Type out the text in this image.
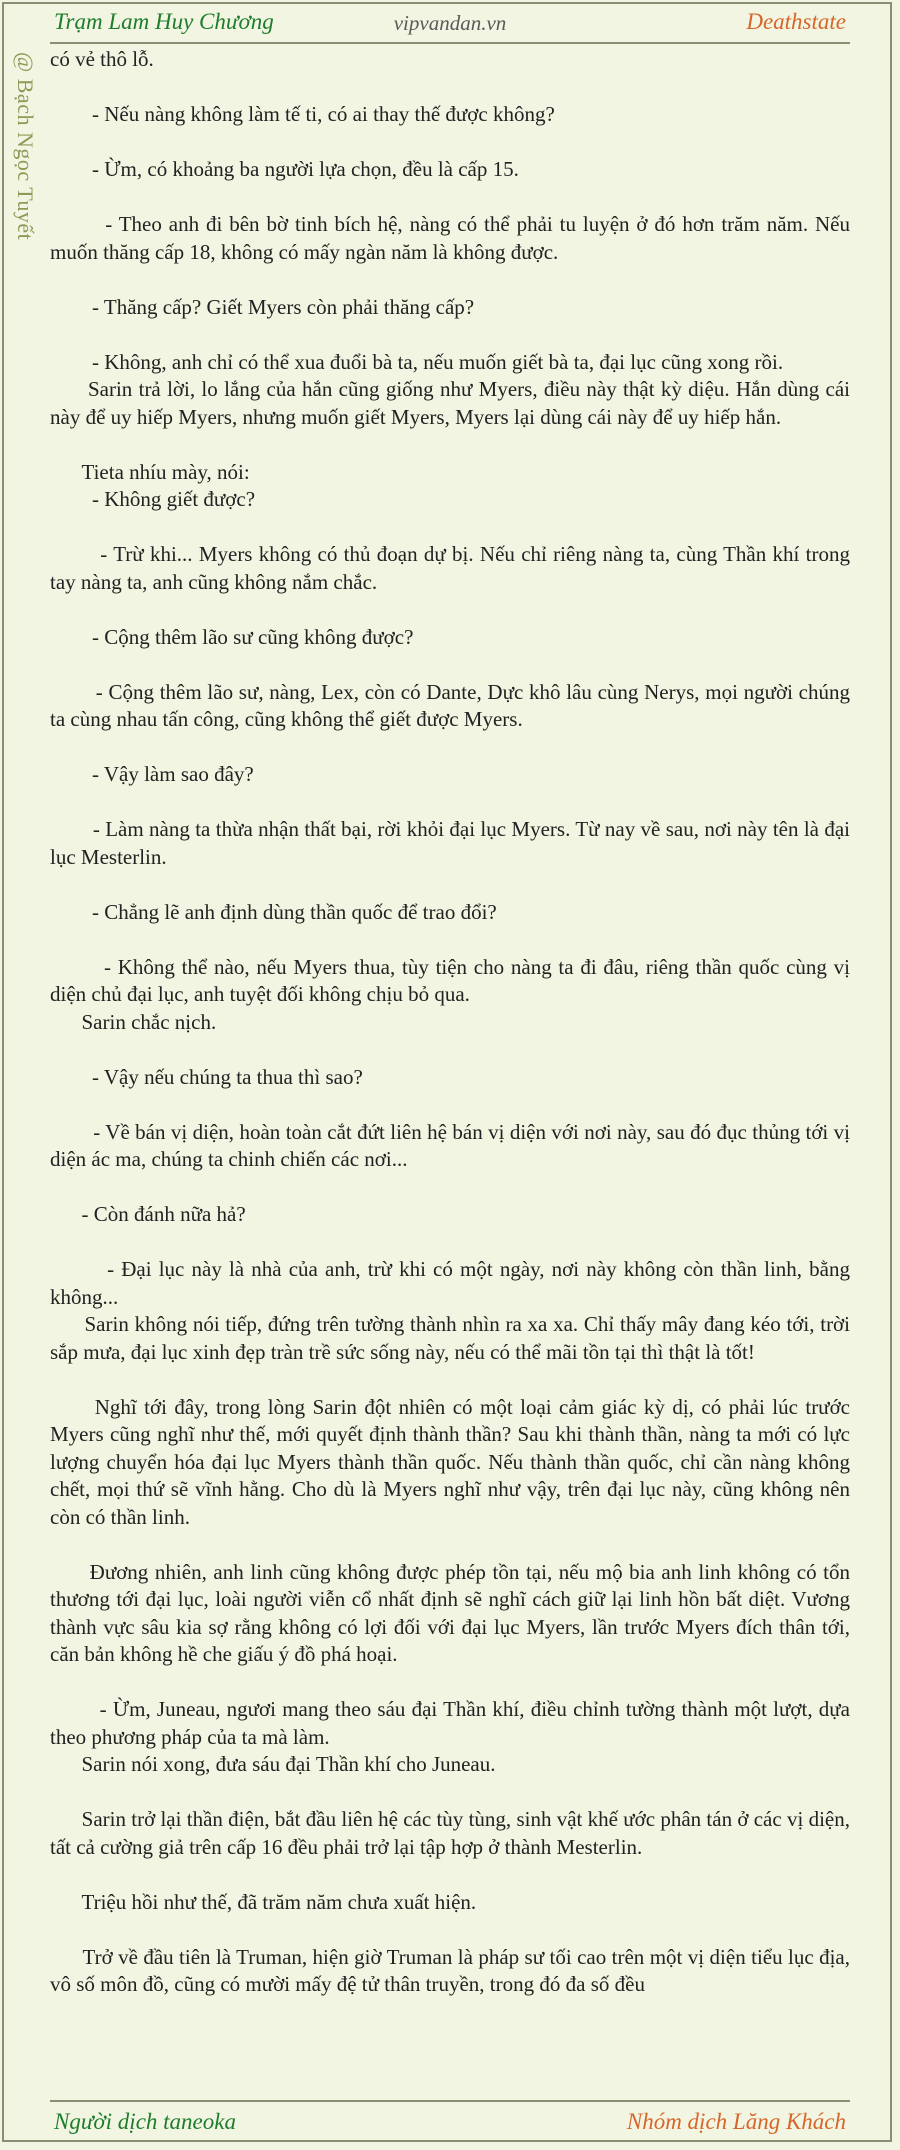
Trạm Lam Huy Chương	vipvandan.vn	Deathstate
@ Bạch Ngọc Tuyết có vẻ thô lỗ.

- Nếu nàng không làm tế ti, có ai thay thế được không?

- Ừm, có khoảng ba người lựa chọn, đều là cấp 15.

- Theo anh đi bên bờ tinh bích hệ, nàng có thể phải tu luyện ở đó hơn trăm năm. Nếu muốn thăng cấp 18, không có mấy ngàn năm là không được.

- Thăng cấp? Giết Myers còn phải thăng cấp?

- Không, anh chỉ có thể xua đuổi bà ta, nếu muốn giết bà ta, đại lục cũng xong rồi.

Sarin trả lời, lo lắng của hắn cũng giống như Myers, điều này thật kỳ diệu. Hắn dùng cái này để uy hiếp Myers, nhưng muốn giết Myers, Myers lại dùng cái này để uy hiếp hắn.

Tieta nhíu mày, nói:

- Không giết được?

- Trừ khi... Myers không có thủ đoạn dự bị. Nếu chỉ riêng nàng ta, cùng Thần khí trong tay nàng ta, anh cũng không nắm chắc.

- Cộng thêm lão sư cũng không được?

- Cộng thêm lão sư, nàng, Lex, còn có Dante, Dực khô lâu cùng Nerys, mọi người chúng ta cùng nhau tấn công, cũng không thể giết được Myers.

- Vậy làm sao đây?

- Làm nàng ta thừa nhận thất bại, rời khỏi đại lục Myers. Từ nay về sau, nơi này tên là đại lục Mesterlin.

- Chẳng lẽ anh định dùng thần quốc để trao đổi?

- Không thể nào, nếu Myers thua, tùy tiện cho nàng ta đi đâu, riêng thần quốc cùng vị diện chủ đại lục, anh tuyệt đối không chịu bỏ qua.

Sarin chắc nịch.

- Vậy nếu chúng ta thua thì sao?

- Về bán vị diện, hoàn toàn cắt đứt liên hệ bán vị diện với nơi này, sau đó đục thủng tới vị diện ác ma, chúng ta chinh chiến các nơi...

- Còn đánh nữa hả?

- Đại lục này là nhà của anh, trừ khi có một ngày, nơi này không còn thần linh, bằng không...

Sarin không nói tiếp, đứng trên tường thành nhìn ra xa xa. Chỉ thấy mây đang kéo tới, trời sắp mưa, đại lục xinh đẹp tràn trề sức sống này, nếu có thể mãi tồn tại thì thật là tốt!

Nghĩ tới đây, trong lòng Sarin đột nhiên có một loại cảm giác kỳ dị, có phải lúc trước Myers cũng nghĩ như thế, mới quyết định thành thần? Sau khi thành thần, nàng ta mới có lực lượng chuyển hóa đại lục Myers thành thần quốc. Nếu thành thần quốc, chỉ cần nàng không chết, mọi thứ sẽ vĩnh hằng. Cho dù là Myers nghĩ như vậy, trên đại lục này, cũng không nên còn có thần linh.

Đương nhiên, anh linh cũng không được phép tồn tại, nếu mộ bia anh linh không có tổn thương tới đại lục, loài người viễn cổ nhất định sẽ nghĩ cách giữ lại linh hồn bất diệt. Vương thành vực sâu kia sợ rằng không có lợi đối với đại lục Myers, lần trước Myers đích thân tới, căn bản không hề che giấu ý đồ phá hoại.

- Ừm, Juneau, ngươi mang theo sáu đại Thần khí, điều chỉnh tường thành một lượt, dựa theo phương pháp của ta mà làm.

Sarin nói xong, đưa sáu đại Thần khí cho Juneau.

Sarin trở lại thần điện, bắt đầu liên hệ các tùy tùng, sinh vật khế ước phân tán ở các vị diện, tất cả cường giả trên cấp 16 đều phải trở lại tập hợp ở thành Mesterlin.

Triệu hồi như thế, đã trăm năm chưa xuất hiện.

Trở về đầu tiên là Truman, hiện giờ Truman là pháp sư tối cao trên một vị diện tiểu lục địa, vô số môn đồ, cũng có mười mấy đệ tử thân truyền, trong đó đa số đều

Người dịch taneoka	Nhóm dịch Lăng Khách
